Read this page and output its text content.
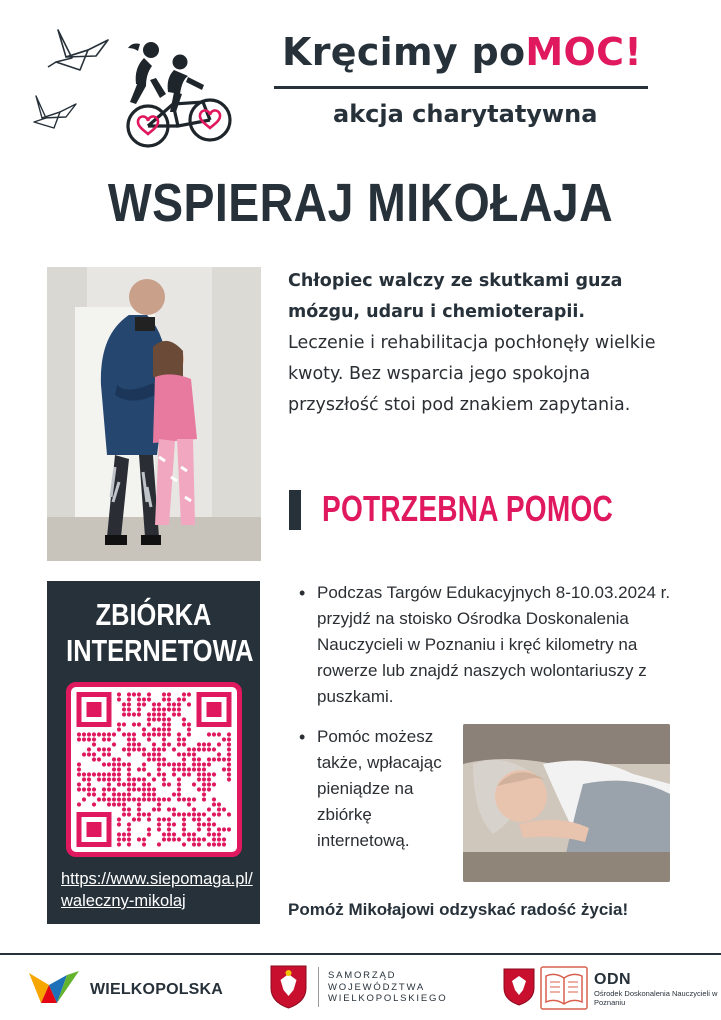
Kręcimy poMOC!
akcja charytatywna
WSPIERAJ MIKOŁAJA
Chłopiec walczy ze skutkami guza mózgu, udaru i chemioterapii.
Leczenie i rehabilitacja pochłonęły wielkie kwoty. Bez wsparcia jego spokojna przyszłość stoi pod znakiem zapytania.
POTRZEBNA POMOC
ZBIÓRKA
INTERNETOWA
https://www.siepomaga.pl/
waleczny-mikolaj
• Podczas Targów Edukacyjnych 8-10.03.2024 r. przyjdź na stoisko Ośrodka Doskonalenia Nauczycieli w Poznaniu i kręć kilometry na rowerze lub znajdź naszych wolontariuszy z puszkami.
• Pomóc możesz także, wpłacając pieniądze na zbiórkę internetową.
Pomóż Mikołajowi odzyskać radość życia!
WIELKOPOLSKA
SAMORZĄD
WOJEWÓDZTWA
WIELKOPOLSKIEGO
ODN
Ośrodek Doskonalenia Nauczycieli w Poznaniu
